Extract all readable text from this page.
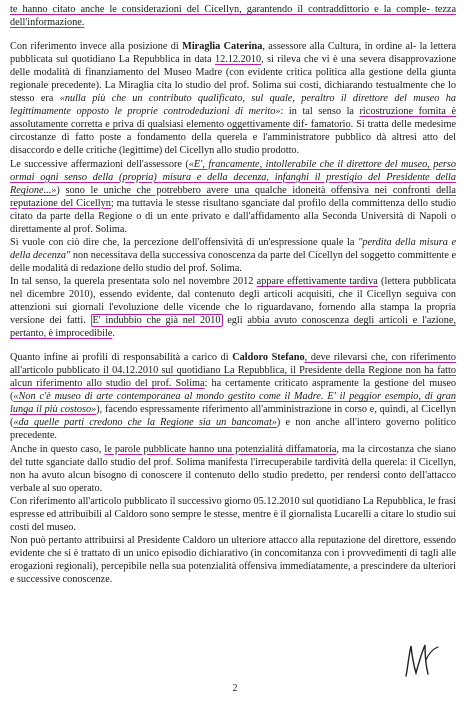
te hanno citato anche le considerazioni del Cicellyn, garantendo il contraddittorio e la comple- tezza dell'informazione.

Con riferimento invece alla posizione di Miraglia Caterina, assessore alla Cultura, in ordine al- la lettera pubblicata sul quotidiano La Repubblica in data 12.12.2010, si rileva che vi è una severa disapprovazione delle modalità di finanziamento del Museo Madre (con evidente critica politica alla gestione della giunta regionale precedente). La Miraglia cita lo studio del prof. Solima sui costi, dichiarando testualmente che lo stesso era «nulla più che un contributo qualificato, sul quale, peraltro il direttore del museo ha legittimamente opposto le proprie controdeduzioni di merito»: in tal senso la ricostruzione fornita è assolutamente corretta e priva di qualsiasi elemento oggettivamente dif- famatorio. Si tratta delle medesime circostanze di fatto poste a fondamento della querela e l'amministratore pubblico dà altresì atto del disaccordo e delle critiche (legittime) del Cicellyn allo studio prodotto.

Le successive affermazioni dell'assessore («E', francamente, intollerabile che il direttore del museo, perso ormai ogni senso della (propria) misura e della decenza, infanghi il prestigio del Presidente della Regione...») sono le uniche che potrebbero avere una qualche idoneità offensiva nei confronti della reputazione del Cicellyn; ma tuttavia le stesse risultano sganciate dal profilo della committenza dello studio citato da parte della Regione o di un ente privato e dall'affidamento alla Seconda Università di Napoli o direttamente al prof. Solima.

Si vuole con ciò dire che, la percezione dell'offensività di un'espressione quale la "perdita della misura e della decenza" non necessitava della successiva conoscenza da parte del Cicellyn del soggetto committente e delle modalità di redazione dello studio del prof. Solima.

In tal senso, la querela presentata solo nel novembre 2012 appare effettivamente tardiva (lettera pubblicata nel dicembre 2010), essendo evidente, dal contenuto degli articoli acquisiti, che il Cicellyn seguiva con attenzioni sui giornali l'evoluzione delle vicende che lo riguardavano, fornendo alla stampa la propria versione dei fatti. E' indubbio che già nel 2010 egli abbia avuto conoscenza degli articoli e l'azione, pertanto, è improcedibile.

Quanto infine ai profili di responsabilità a carico di Caldoro Stefano, deve rilevarsi che, con riferimento all'articolo pubblicato il 04.12.2010 sul quotidiano La Repubblica, il Presidente della Regione non ha fatto alcun riferimento allo studio del prof. Solima: ha certamente criticato aspramente la gestione del museo («Non c'è museo di arte contemporanea al mondo gestito come il Madre. E' il peggior esempio, di gran lunga il più costoso»), facendo espressamente riferimento all'amministrazione in corso e, quindi, al Cicellyn («da quelle parti credono che la Regione sia un bancomat») e non anche all'intero governo politico precedente.

Anche in questo caso, le parole pubblicate hanno una potenzialità diffamatoria, ma la circostanza che siano del tutte sganciate dallo studio del prof. Solima manifesta l'irrecuperabile tardività della querela: il Cicellyn, non ha avuto alcun bisogno di conoscere il contenuto dello studio predetto, per rendersi conto dell'attacco verbale al suo operato.

Con riferimento all'articolo pubblicato il successivo giorno 05.12.2010 sul quotidiano La Repubblica, le frasi espresse ed attribuibili al Caldoro sono sempre le stesse, mentre è il giornalista Lucarelli a citare lo studio sui costi del museo.

Non può pertanto attribuirsi al Presidente Caldoro un ulteriore attacco alla reputazione del direttore, essendo evidente che si è trattato di un unico episodio dichiarativo (in concomitanza con i provvedimenti di tagli alle erogazioni regionali), percepibile nella sua potenzialità offensiva immediatamente, a prescindere da ulteriori e successive conoscenze.

2
